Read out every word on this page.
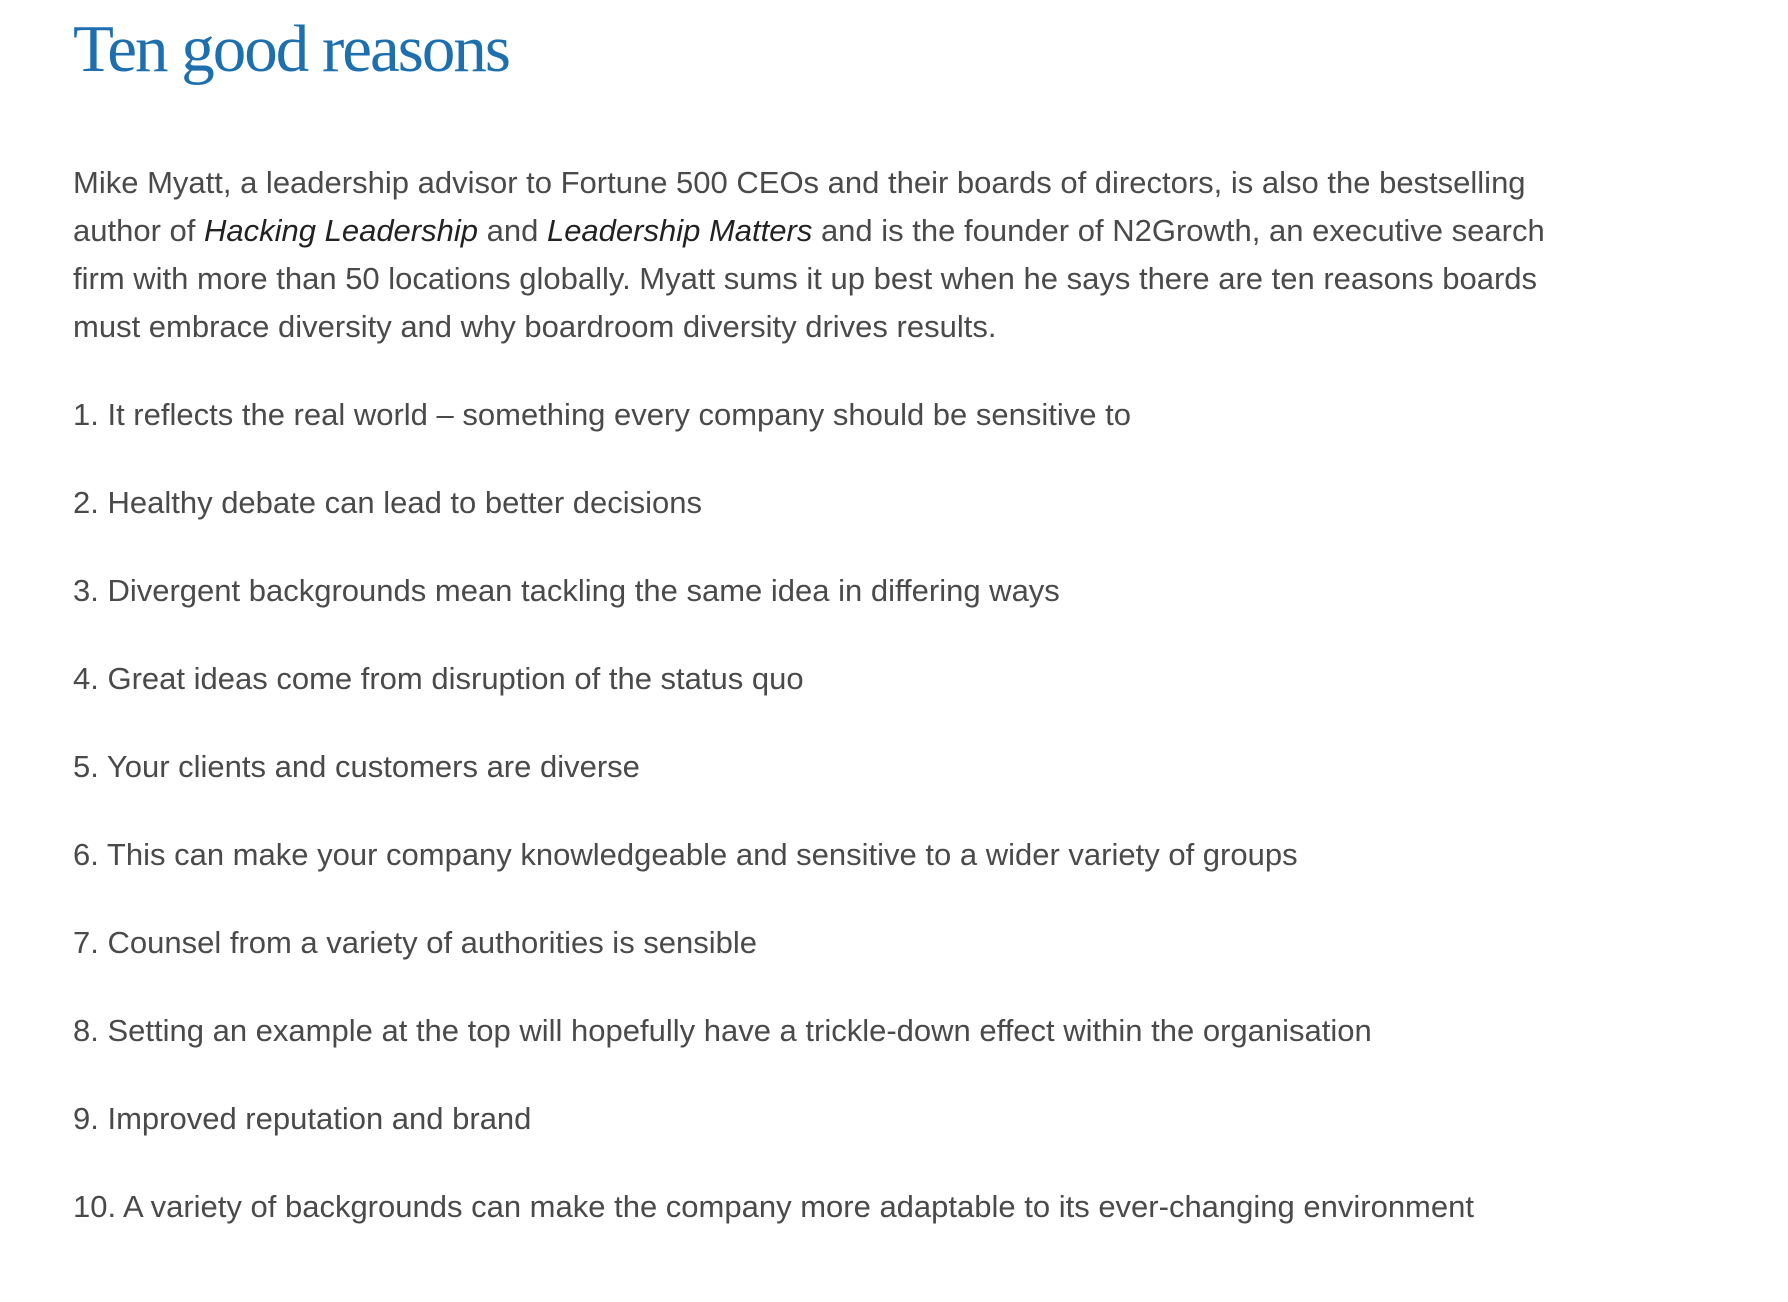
Ten good reasons

Mike Myatt, a leadership advisor to Fortune 500 CEOs and their boards of directors, is also the bestselling author of Hacking Leadership and Leadership Matters and is the founder of N2Growth, an executive search firm with more than 50 locations globally. Myatt sums it up best when he says there are ten reasons boards must embrace diversity and why boardroom diversity drives results.

1. It reflects the real world – something every company should be sensitive to
2. Healthy debate can lead to better decisions
3. Divergent backgrounds mean tackling the same idea in differing ways
4. Great ideas come from disruption of the status quo
5. Your clients and customers are diverse
6. This can make your company knowledgeable and sensitive to a wider variety of groups
7. Counsel from a variety of authorities is sensible
8. Setting an example at the top will hopefully have a trickle-down effect within the organisation
9. Improved reputation and brand
10. A variety of backgrounds can make the company more adaptable to its ever-changing environment
